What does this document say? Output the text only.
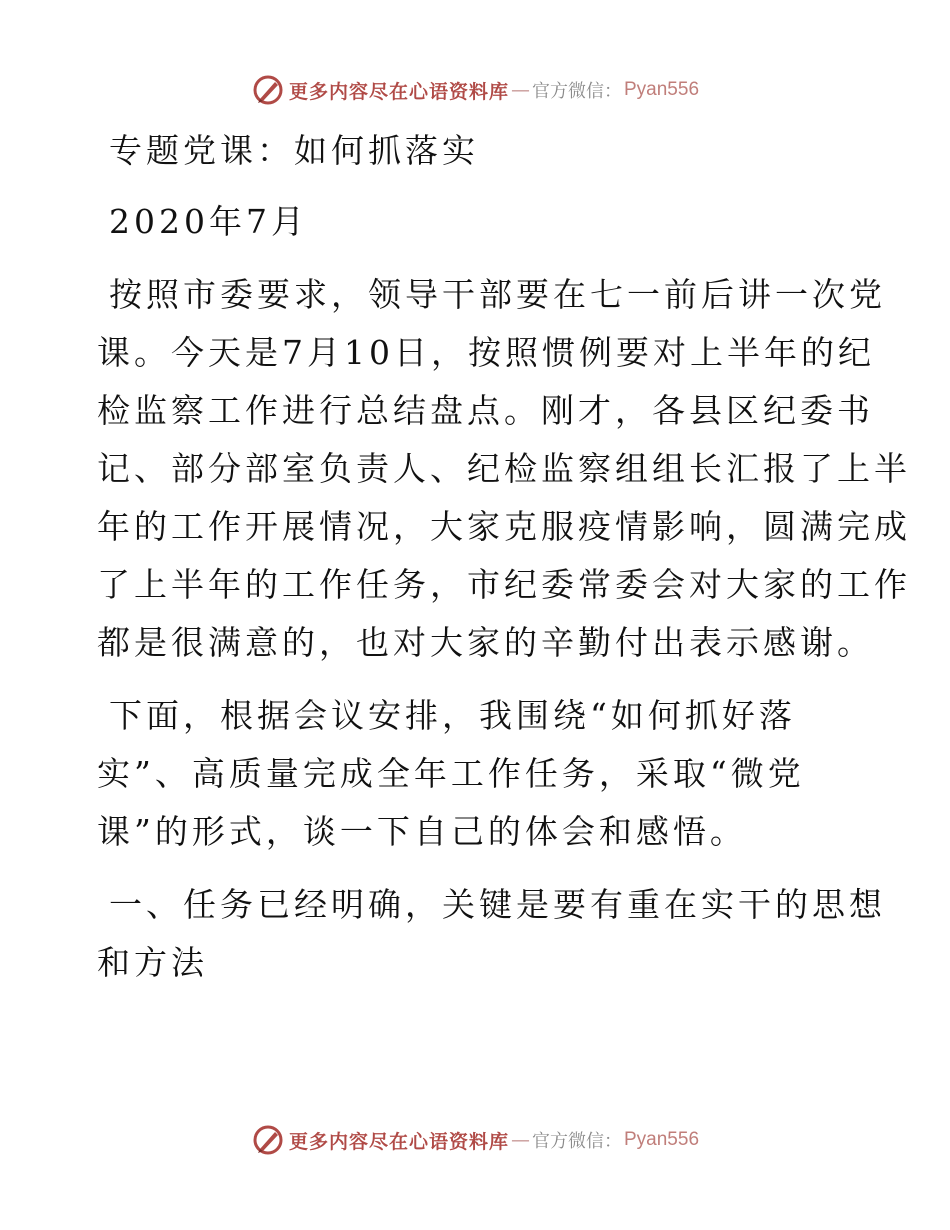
更多内容尽在心语资料库 — 官方微信： Pyan556
专题党课：如何抓落实
2020年7月
按照市委要求，领导干部要在七一前后讲一次党
课。今天是7月10日，按照惯例要对上半年的纪
检监察工作进行总结盘点。刚才，各县区纪委书
记、部分部室负责人、纪检监察组组长汇报了上半
年的工作开展情况，大家克服疫情影响，圆满完成
了上半年的工作任务，市纪委常委会对大家的工作
都是很满意的，也对大家的辛勤付出表示感谢。
下面，根据会议安排，我围绕“如何抓好落
实”、高质量完成全年工作任务，采取“微党
课”的形式，谈一下自己的体会和感悟。
一、任务已经明确，关键是要有重在实干的思想
和方法
更多内容尽在心语资料库 — 官方微信： Pyan556
